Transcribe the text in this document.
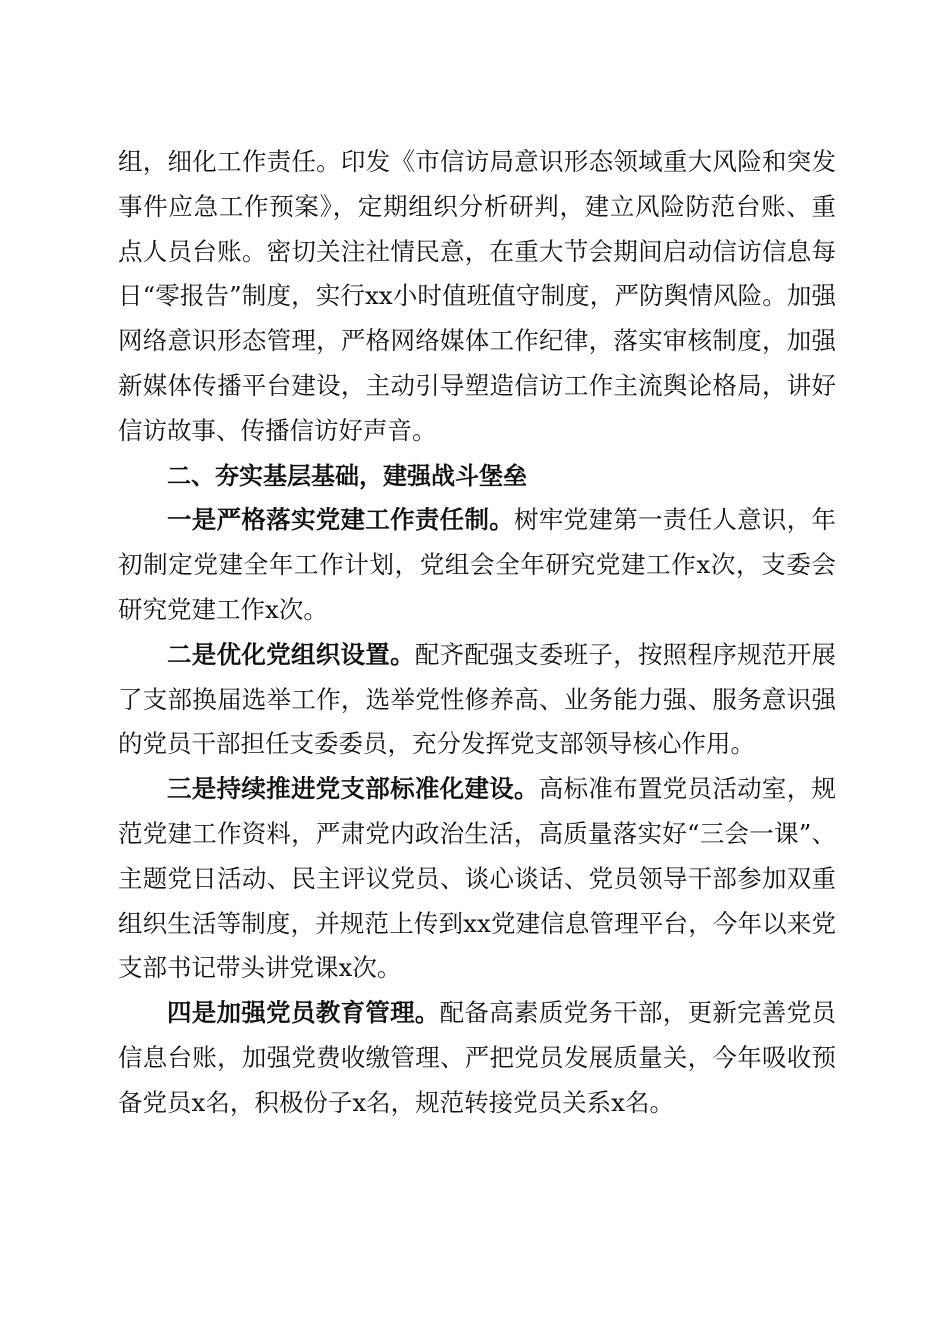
组，细化工作责任。印发《市信访局意识形态领域重大风险和突发事件应急工作预案》，定期组织分析研判，建立风险防范台账、重点人员台账。密切关注社情民意，在重大节会期间启动信访信息每日“零报告”制度，实行xx小时值班值守制度，严防舆情风险。加强网络意识形态管理，严格网络媒体工作纪律，落实审核制度，加强新媒体传播平台建设，主动引导塑造信访工作主流舆论格局，讲好信访故事、传播信访好声音。

二、夯实基层基础，建强战斗堡垒

一是严格落实党建工作责任制。树牢党建第一责任人意识，年初制定党建全年工作计划，党组会全年研究党建工作x次，支委会研究党建工作x次。

二是优化党组织设置。配齐配强支委班子，按照程序规范开展了支部换届选举工作，选举党性修养高、业务能力强、服务意识强的党员干部担任支委委员，充分发挥党支部领导核心作用。

三是持续推进党支部标准化建设。高标准布置党员活动室，规范党建工作资料，严肃党内政治生活，高质量落实好“三会一课”、主题党日活动、民主评议党员、谈心谈话、党员领导干部参加双重组织生活等制度，并规范上传到xx党建信息管理平台，今年以来党支部书记带头讲党课x次。

四是加强党员教育管理。配备高素质党务干部，更新完善党员信息台账，加强党费收缴管理、严把党员发展质量关，今年吸收预备党员x名，积极份子x名，规范转接党员关系x名。
